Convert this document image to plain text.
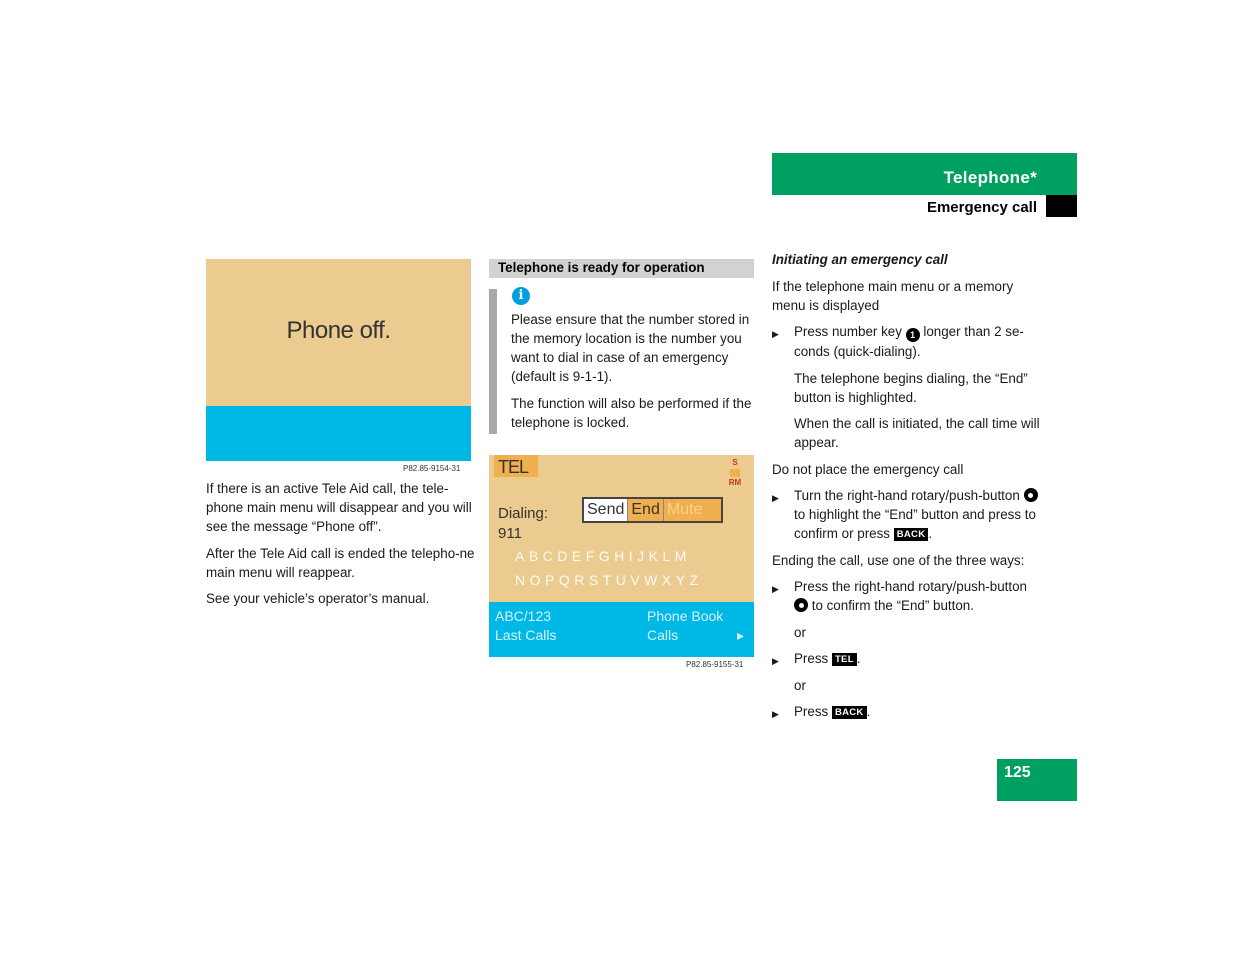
Telephone*
Emergency call
Phone off.
P82.85-9154-31

If there is an active Tele Aid call, the tele-phone main menu will disappear and you will see the message “Phone off”.

After the Tele Aid call is ended the telepho-ne main menu will reappear.

See your vehicle’s operator’s manual.

Telephone is ready for operation
i

Please ensure that the number stored in the memory location is the number you want to dial in case of an emergency (default is 9-1-1).

The function will also be performed if the telephone is locked.

TEL	S
RM
Dialing:
911
Send End Mute
ABCDEFGHIJKLM
NOPQRSTUVWXYZ
ABC/123
Last Calls
Phone Book
Calls	▸
P82.85-9155-31
Initiating an emergency call

If the telephone main menu or a memory menu is displayed

▶ Press number key 1 longer than 2 se-conds (quick-dialing).

The telephone begins dialing, the “End” button is highlighted.

When the call is initiated, the call time will appear.

Do not place the emergency call

▶ Turn the right-hand rotary/push-button  to highlight the “End” button and press to confirm or press BACK .

Ending the call, use one of the three ways:

▶ Press the right-hand rotary/push-button  to confirm the “End” button.

or

▶ Press TEL .

or

▶ Press BACK .

125
